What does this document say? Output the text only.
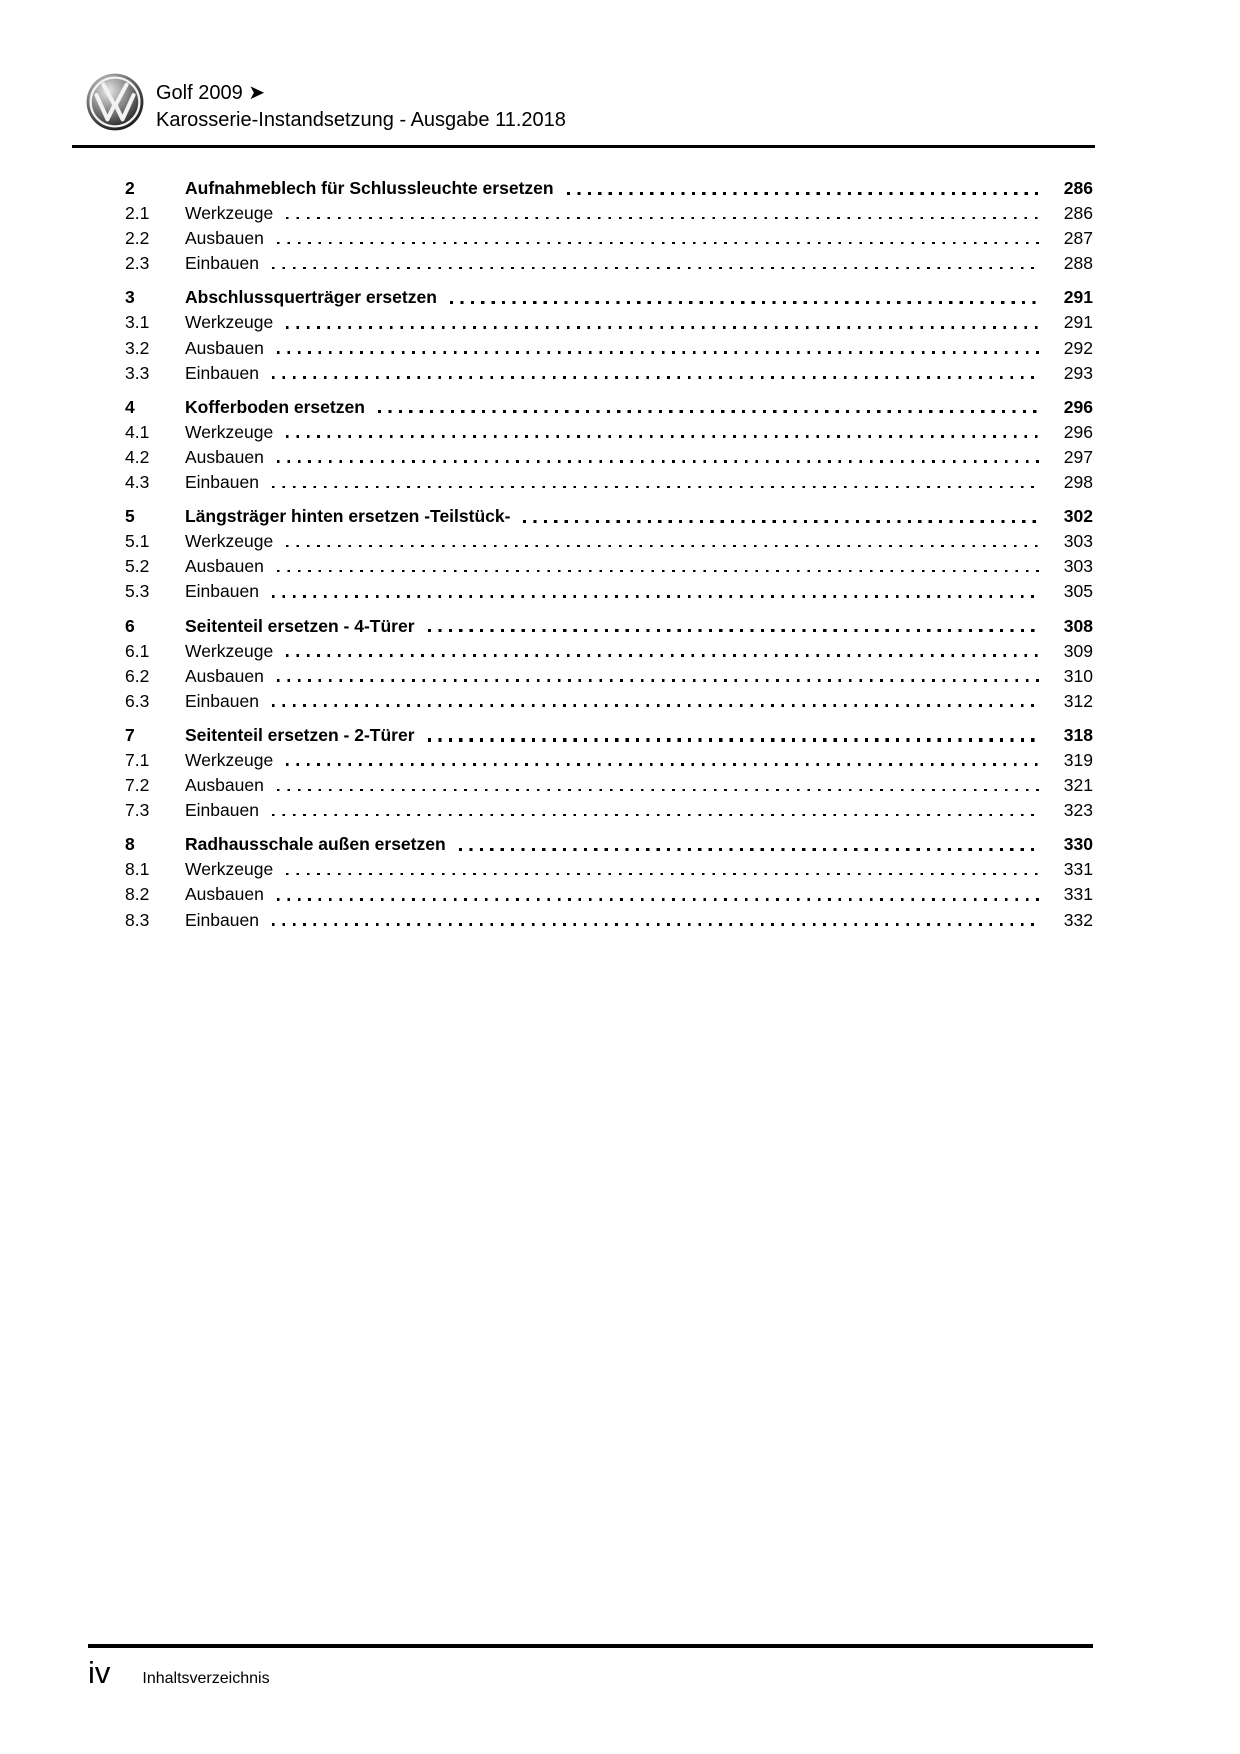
Golf 2009 ➤
Karosserie-Instandsetzung - Ausgabe 11.2018
2	Aufnahmeblech für Schlussleuchte ersetzen	286
2.1	Werkzeuge	286
2.2	Ausbauen	287
2.3	Einbauen	288
3	Abschlussquerträger ersetzen	291
3.1	Werkzeuge	291
3.2	Ausbauen	292
3.3	Einbauen	293
4	Kofferboden ersetzen	296
4.1	Werkzeuge	296
4.2	Ausbauen	297
4.3	Einbauen	298
5	Längsträger hinten ersetzen -Teilstück-	302
5.1	Werkzeuge	303
5.2	Ausbauen	303
5.3	Einbauen	305
6	Seitenteil ersetzen - 4-Türer	308
6.1	Werkzeuge	309
6.2	Ausbauen	310
6.3	Einbauen	312
7	Seitenteil ersetzen - 2-Türer	318
7.1	Werkzeuge	319
7.2	Ausbauen	321
7.3	Einbauen	323
8	Radhausschale außen ersetzen	330
8.1	Werkzeuge	331
8.2	Ausbauen	331
8.3	Einbauen	332
iv Inhaltsverzeichnis
